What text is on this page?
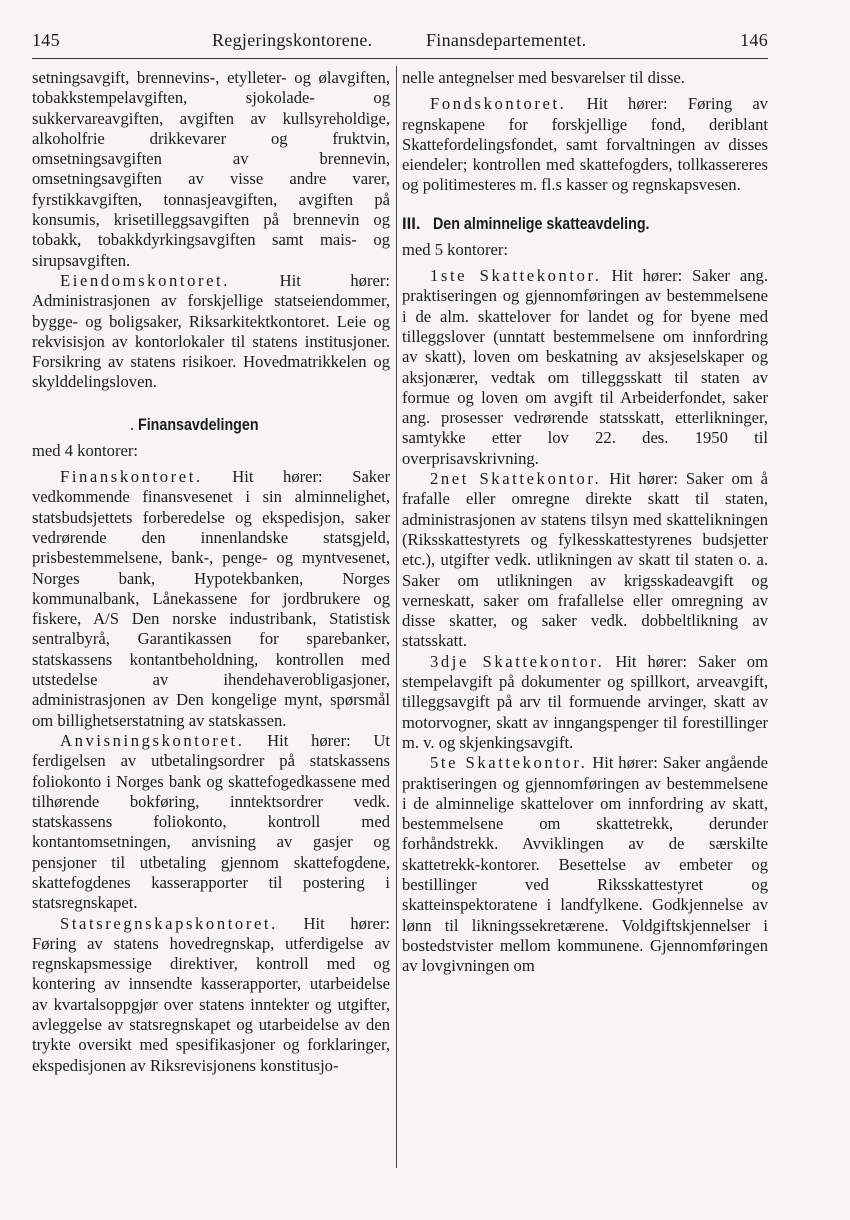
145	Regjeringskontorene.	Finansdepartementet.	146

setningsavgift, brennevins-, etylleter- og ølavgiften, tobakkstempelavgiften, sjokolade- og sukkervareavgiften, avgiften av kullsyreholdige, alkoholfrie drikkevarer og fruktvin, omsetningsavgiften av brennevin, omsetningsavgiften av visse andre varer, fyrstikkavgiften, tonnasjeavgiften, avgiften på konsumis, krisetilleggsavgiften på brennevin og tobakk, tobakkdyrkingsavgiften samt mais- og sirupsavgiften.

Eiendomskontoret.	Hit hører: Administrasjonen av forskjellige statseiendommer, bygge- og boligsaker, Riksarkitektkontoret. Leie og rekvisisjon av kontorlokaler til statens institusjoner. Forsikring av statens risikoer. Hovedmatrikkelen og skylddelingsloven.

. Finansavdelingen

med 4 kontorer:

Finanskontoret. Hit hører: Saker vedkommende finansvesenet i sin alminnelighet, statsbudsjettets forberedelse og ekspedisjon, saker vedrørende den innenlandske statsgjeld, prisbestemmelsene, bank-, penge- og myntvesenet, Norges bank, Hypotekbanken, Norges kommunalbank, Lånekassene for jordbrukere og fiskere, A/S Den norske industribank, Statistisk sentralbyrå, Garantikassen for sparebanker, statskassens kontantbeholdning, kontrollen med utstedelse av ihendehaverobligasjoner, administrasjonen av Den kongelige mynt, spørsmål om billighetserstatning av statskassen.

Anvisningskontoret. Hit hører: Ut ferdigelsen av utbetalingsordrer på statskassens foliokonto i Norges bank og skattefogedkassene med tilhørende bokføring, inntektsordrer vedk. statskassens foliokonto, kontroll med kontantomsetningen, anvisning av gasjer og pensjoner til utbetaling gjennom skattefogdene, skattefogdenes kasserapporter til postering i statsregnskapet.

Statsregnskapskontoret. Hit hører: Føring av statens hovedregnskap, utferdigelse av regnskapsmessige direktiver, kontroll med og kontering av innsendte kasserapporter, utarbeidelse av kvartalsoppgjør over statens inntekter og utgifter, avleggelse av statsregnskapet og utarbeidelse av den trykte oversikt med spesifikasjoner og forklaringer, ekspedisjonen av Riksrevisjonens konstitusjo-

nelle antegnelser med besvarelser til disse.

Fondskontoret. Hit hører: Føring av regnskapene for forskjellige fond, deriblant Skattefordelingsfondet, samt forvaltningen av disses eiendeler; kontrollen med skattefogders, tollkassereres og politimesteres m. fl.s kasser og regnskapsvesen.

III. Den alminnelige skatteavdeling.

med 5 kontorer:

1ste Skattekontor. Hit hører: Saker ang. praktiseringen og gjennomføringen av bestemmelsene i de alm. skattelover for landet og for byene med tilleggslover (unntatt bestemmelsene om innfordring av skatt), loven om beskatning av aksjeselskaper og aksjonærer, vedtak om tilleggsskatt til staten av formue og loven om avgift til Arbeiderfondet, saker ang. prosesser vedrørende statsskatt, etterlikninger, samtykke etter lov 22. des. 1950 til overprisavskrivning.

2net Skattekontor. Hit hører: Saker om å frafalle eller omregne direkte skatt til staten, administrasjonen av statens tilsyn med skattelikningen (Riksskattestyrets og fylkesskattestyrenes budsjetter etc.), utgifter vedk. utlikningen av skatt til staten o. a. Saker om utlikningen av krigsskadeavgift og verneskatt, saker om frafallelse eller omregning av disse skatter, og saker vedk. dobbeltlikning av statsskatt.

3dje Skattekontor. Hit hører: Saker om stempelavgift på dokumenter og spillkort, arveavgift, tilleggsavgift på arv til formuende arvinger, skatt av motorvogner, skatt av inngangspenger til forestillinger m. v. og skjenkingsavgift.

5te Skattekontor. Hit hører: Saker angående praktiseringen og gjennomføringen av bestemmelsene i de alminnelige skattelover om innfordring av skatt, bestemmelsene om skattetrekk, derunder forhåndstrekk. Avviklingen av de særskilte skattetrekk-kontorer. Besettelse av embeter og bestillinger ved Riksskattestyret og skatteinspektoratene i landfylkene. Godkjennelse av lønn til likningssekretærene. Voldgiftskjennelser i bostedstvister mellom kommunene. Gjennomføringen av lovgivningen om
